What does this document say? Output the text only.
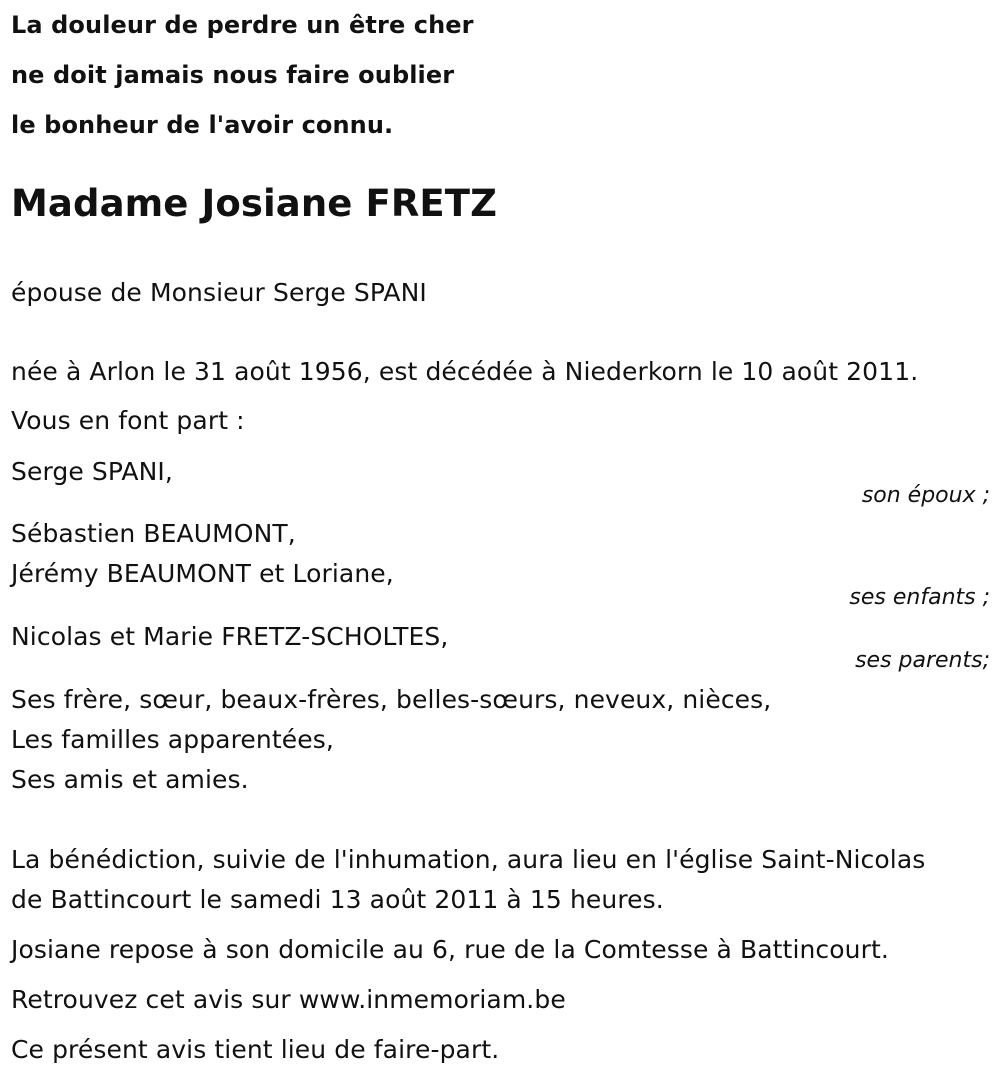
La douleur de perdre un être cher
ne doit jamais nous faire oublier
le bonheur de l'avoir connu.
Madame Josiane FRETZ
épouse de Monsieur Serge SPANI
née à Arlon le 31 août 1956, est décédée à Niederkorn le 10 août 2011.
Vous en font part :
Serge SPANI,
son époux ;
Sébastien BEAUMONT,
Jérémy BEAUMONT et Loriane,
ses enfants ;
Nicolas et Marie FRETZ-SCHOLTES,
ses parents;
Ses frère, sœur, beaux-frères, belles-sœurs, neveux, nièces,
Les familles apparentées,
Ses amis et amies.
La bénédiction, suivie de l'inhumation, aura lieu en l'église Saint-Nicolas
de Battincourt le samedi 13 août 2011 à 15 heures.
Josiane repose à son domicile au 6, rue de la Comtesse à Battincourt.
Retrouvez cet avis sur www.inmemoriam.be
Ce présent avis tient lieu de faire-part.
